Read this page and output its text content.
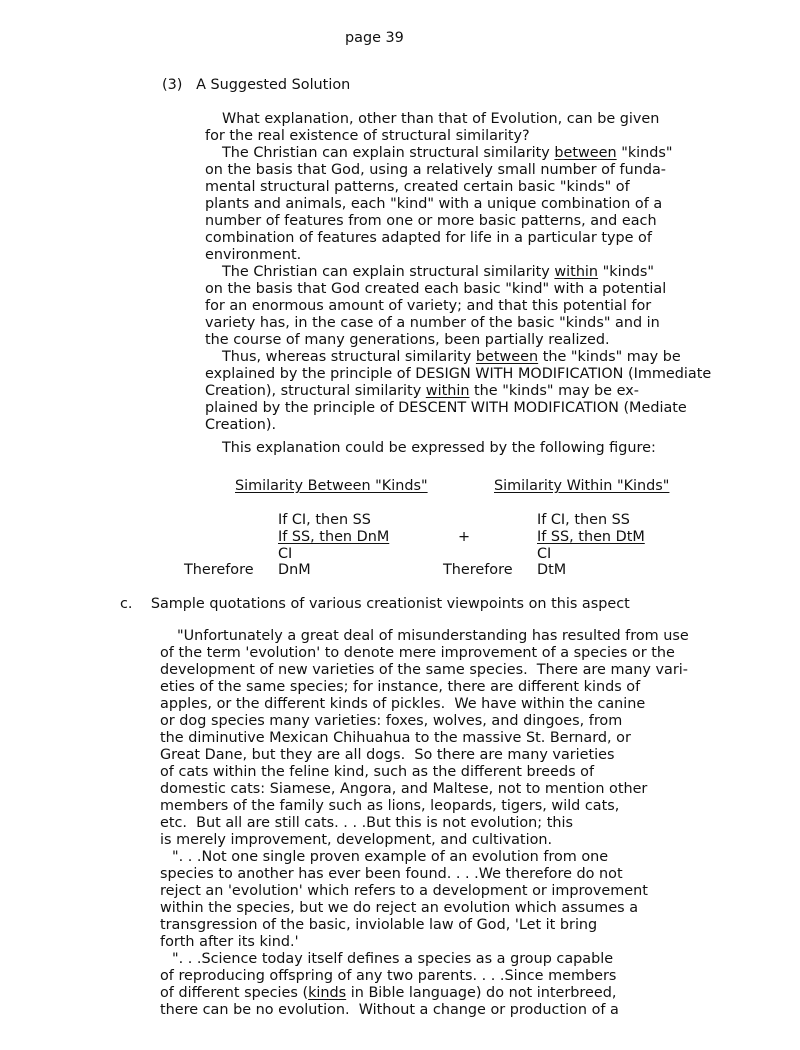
page 39
(3) A Suggested Solution
What explanation, other than that of Evolution, can be given
for the real existence of structural similarity?
The Christian can explain structural similarity between "kinds"
on the basis that God, using a relatively small number of funda-
mental structural patterns, created certain basic "kinds" of
plants and animals, each "kind" with a unique combination of a
number of features from one or more basic patterns, and each
combination of features adapted for life in a particular type of
environment.
The Christian can explain structural similarity within "kinds"
on the basis that God created each basic "kind" with a potential
for an enormous amount of variety; and that this potential for
variety has, in the case of a number of the basic "kinds" and in
the course of many generations, been partially realized.
Thus, whereas structural similarity between the "kinds" may be
explained by the principle of DESIGN WITH MODIFICATION (Immediate
Creation), structural similarity within the "kinds" may be ex-
plained by the principle of DESCENT WITH MODIFICATION (Mediate
Creation).
This explanation could be expressed by the following figure:
Similarity Between "Kinds"	Similarity Within "Kinds"
If CI, then SS
If SS, then DnM
CI
+
If CI, then SS
If SS, then DtM
CI
Therefore DnM	Therefore DtM
c. Sample quotations of various creationist viewpoints on this aspect
"Unfortunately a great deal of misunderstanding has resulted from use
of the term 'evolution' to denote mere improvement of a species or the
development of new varieties of the same species.  There are many vari-
eties of the same species; for instance, there are different kinds of
apples, or the different kinds of pickles.  We have within the canine
or dog species many varieties: foxes, wolves, and dingoes, from
the diminutive Mexican Chihuahua to the massive St. Bernard, or
Great Dane, but they are all dogs.  So there are many varieties
of cats within the feline kind, such as the different breeds of
domestic cats: Siamese, Angora, and Maltese, not to mention other
members of the family such as lions, leopards, tigers, wild cats,
etc.  But all are still cats. . . .But this is not evolution; this
is merely improvement, development, and cultivation.
". . .Not one single proven example of an evolution from one
species to another has ever been found. . . .We therefore do not
reject an 'evolution' which refers to a development or improvement
within the species, but we do reject an evolution which assumes a
transgression of the basic, inviolable law of God, 'Let it bring
forth after its kind.'
". . .Science today itself defines a species as a group capable
of reproducing offspring of any two parents. . . .Since members
of different species (kinds in Bible language) do not interbreed,
there can be no evolution.  Without a change or production of a
